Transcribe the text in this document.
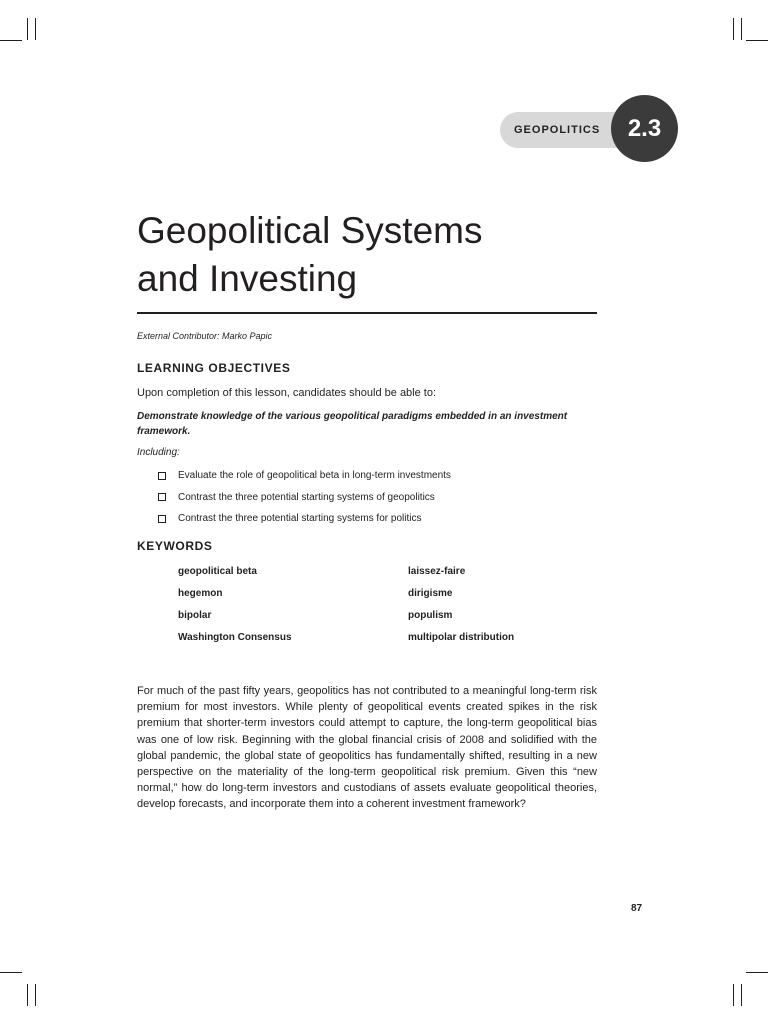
GEOPOLITICS	2.3
Geopolitical Systems
and Investing
External Contributor: Marko Papic
LEARNING OBJECTIVES
Upon completion of this lesson, candidates should be able to:

Demonstrate knowledge of the various geopolitical paradigms embedded in an investment framework.

Including:
Evaluate the role of geopolitical beta in long-term investments
Contrast the three potential starting systems of geopolitics
Contrast the three potential starting systems for politics
KEYWORDS
geopolitical beta
hegemon
bipolar
Washington Consensus
laissez-faire
dirigisme
populism
multipolar distribution

For much of the past fifty years, geopolitics has not contributed to a meaningful long-term risk premium for most investors. While plenty of geopolitical events created spikes in the risk premium that shorter-term investors could attempt to capture, the long-term geopolitical bias was one of low risk. Beginning with the global financial crisis of 2008 and solidified with the global pandemic, the global state of geopolitics has fundamentally shifted, resulting in a new perspective on the materiality of the long-term geopolitical risk premium. Given this “new normal,” how do long-term investors and custodians of assets evaluate geopolitical theories, develop forecasts, and incorporate them into a coherent investment framework?

87
